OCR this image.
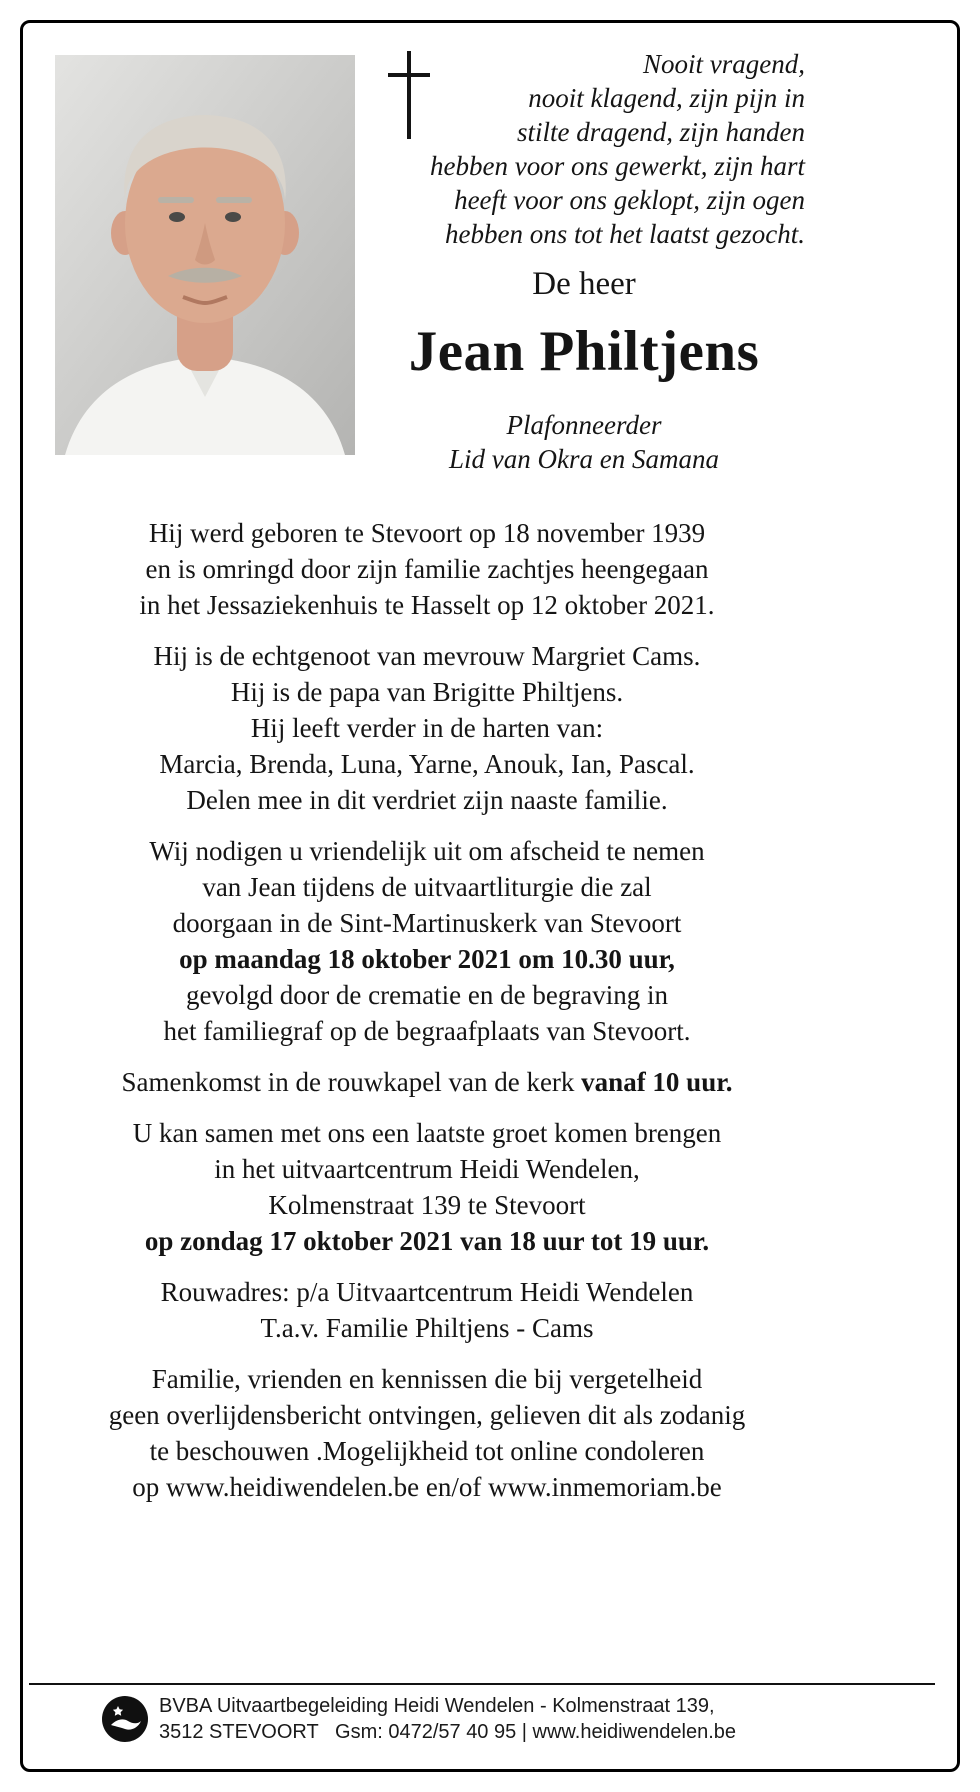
Nooit vragend,
nooit klagend, zijn pijn in
stilte dragend, zijn handen
hebben voor ons gewerkt, zijn hart
heeft voor ons geklopt, zijn ogen
hebben ons tot het laatst gezocht.
De heer
Jean Philtjens
Plafonneerder
Lid van Okra en Samana
Hij werd geboren te Stevoort op 18 november 1939
en is omringd door zijn familie zachtjes heengegaan
in het Jessaziekenhuis te Hasselt op 12 oktober 2021.
Hij is de echtgenoot van mevrouw Margriet Cams.
Hij is de papa van Brigitte Philtjens.
Hij leeft verder in de harten van:
Marcia, Brenda, Luna, Yarne, Anouk, Ian, Pascal.
Delen mee in dit verdriet zijn naaste familie.
Wij nodigen u vriendelijk uit om afscheid te nemen
van Jean tijdens de uitvaartliturgie die zal
doorgaan in de Sint-Martinuskerk van Stevoort
op maandag 18 oktober 2021 om 10.30 uur,
gevolgd door de crematie en de begraving in
het familiegraf op de begraafplaats van Stevoort.
Samenkomst in de rouwkapel van de kerk vanaf 10 uur.
U kan samen met ons een laatste groet komen brengen
in het uitvaartcentrum Heidi Wendelen,
Kolmenstraat 139 te Stevoort
op zondag 17 oktober 2021 van 18 uur tot 19 uur.
Rouwadres: p/a Uitvaartcentrum Heidi Wendelen
T.a.v. Familie Philtjens - Cams
Familie, vrienden en kennissen die bij vergetelheid
geen overlijdensbericht ontvingen, gelieven dit als zodanig
te beschouwen .Mogelijkheid tot online condoleren
op www.heidiwendelen.be en/of www.inmemoriam.be
BVBA Uitvaartbegeleiding Heidi Wendelen - Kolmenstraat 139,
3512 STEVOORT   Gsm: 0472/57 40 95 | www.heidiwendelen.be
